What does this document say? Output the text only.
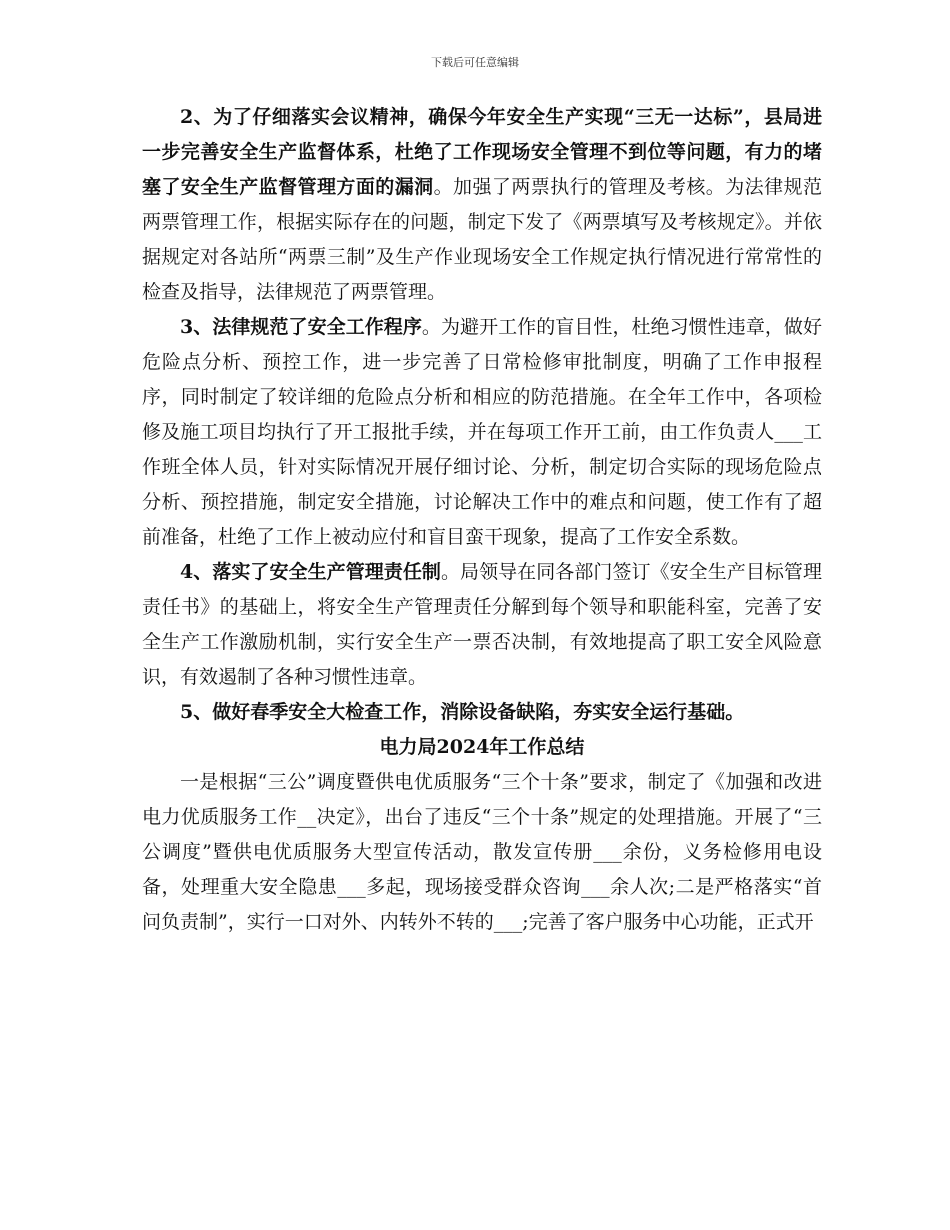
下载后可任意编辑

2、为了仔细落实会议精神，确保今年安全生产实现“三无一达标”，县局进一步完善安全生产监督体系，杜绝了工作现场安全管理不到位等问题，有力的堵塞了安全生产监督管理方面的漏洞。加强了两票执行的管理及考核。为法律规范两票管理工作，根据实际存在的问题，制定下发了《两票填写及考核规定》。并依据规定对各站所“两票三制”及生产作业现场安全工作规定执行情况进行常常性的检查及指导，法律规范了两票管理。

3、法律规范了安全工作程序。为避开工作的盲目性，杜绝习惯性违章，做好危险点分析、预控工作，进一步完善了日常检修审批制度，明确了工作申报程序，同时制定了较详细的危险点分析和相应的防范措施。在全年工作中，各项检修及施工项目均执行了开工报批手续，并在每项工作开工前，由工作负责人___工作班全体人员，针对实际情况开展仔细讨论、分析，制定切合实际的现场危险点分析、预控措施，制定安全措施，讨论解决工作中的难点和问题，使工作有了超前准备，杜绝了工作上被动应付和盲目蛮干现象，提高了工作安全系数。

4、落实了安全生产管理责任制。局领导在同各部门签订《安全生产目标管理责任书》的基础上，将安全生产管理责任分解到每个领导和职能科室，完善了安全生产工作激励机制，实行安全生产一票否决制，有效地提高了职工安全风险意识，有效遏制了各种习惯性违章。

5、做好春季安全大检查工作，消除设备缺陷，夯实安全运行基础。

电力局2024年工作总结

一是根据“三公”调度暨供电优质服务“三个十条”要求，制定了《加强和改进电力优质服务工作__决定》，出台了违反“三个十条”规定的处理措施。开展了“三公调度”暨供电优质服务大型宣传活动，散发宣传册___余份，义务检修用电设备，处理重大安全隐患___多起，现场接受群众咨询___余人次;二是严格落实“首问负责制”，实行一口对外、内转外不转的___;完善了客户服务中心功能，正式开
